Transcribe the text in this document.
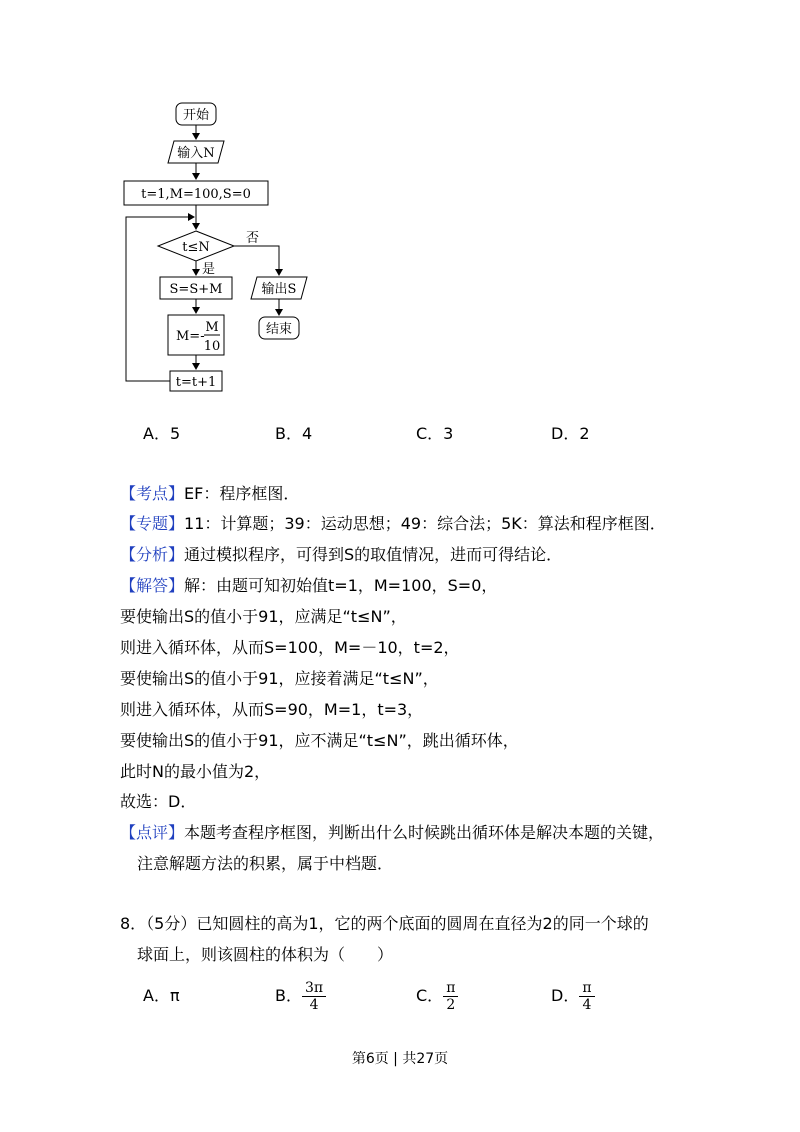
开始
输入N
t=1,M=100,S=0
t≤N
否
是
S=S+M
M=-
M
10
t=t+1
输出S
结束
A．5	B．4	C．3	D．2
【考点】EF：程序框图．
【专题】11：计算题；39：运动思想；49：综合法；5K：算法和程序框图．
【分析】通过模拟程序，可得到S的取值情况，进而可得结论．
【解答】解：由题可知初始值t=1，M=100，S=0，
要使输出S的值小于91，应满足“t≤N”，
则进入循环体，从而S=100，M=－10，t=2，
要使输出S的值小于91，应接着满足“t≤N”，
则进入循环体，从而S=90，M=1，t=3，
要使输出S的值小于91，应不满足“t≤N”，跳出循环体，
此时N的最小值为2，
故选：D．
【点评】本题考查程序框图，判断出什么时候跳出循环体是解决本题的关键，
注意解题方法的积累，属于中档题．
8．（5分）已知圆柱的高为1，它的两个底面的圆周在直径为2的同一个球的
球面上，则该圆柱的体积为（　　）
A．π	B． $\frac{3\pi}{4}$	C． $\frac{\pi}{2}$	D． $\frac{\pi}{4}$
第6页 | 共27页
